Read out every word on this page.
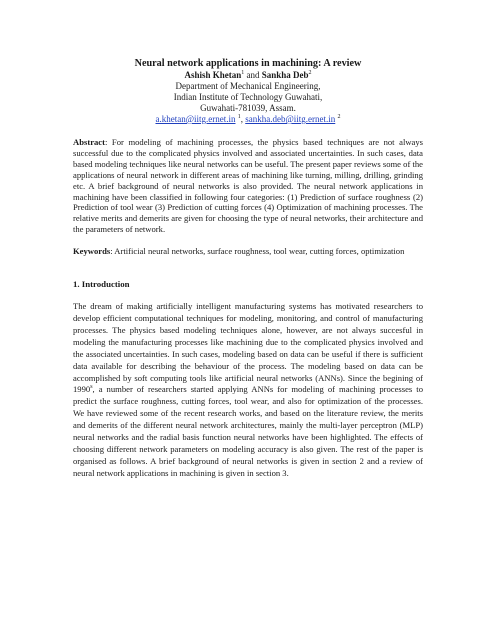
Neural network applications in machining: A review

Ashish Khetan$^1$ and Sankha Deb$^2$

Department of Mechanical Engineering,

Indian Institute of Technology Guwahati,

Guwahati-781039, Assam.

a.khetan@iitg.ernet.in $^1$, sankha.deb@iitg.ernet.in $^2$

Abstract: For modeling of machining processes, the physics based techniques are not always successful due to the complicated physics involved and associated uncertainties. In such cases, data based modeling techniques like neural networks can be useful. The present paper reviews some of the applications of neural network in different areas of machining like turning, milling, drilling, grinding etc. A brief background of neural networks is also provided. The neural network applications in machining have been classified in following four categories: (1) Prediction of surface roughness (2) Prediction of tool wear (3) Prediction of cutting forces (4) Optimization of machining processes. The relative merits and demerits are given for choosing the type of neural networks, their architecture and the parameters of network.
Keywords: Artificial neural networks, surface roughness, tool wear, cutting forces, optimization
1. Introduction
The dream of making artificially intelligent manufacturing systems has motivated researchers to develop efficient computational techniques for modeling, monitoring, and control of manufacturing processes. The physics based modeling techniques alone, however, are not always succesful in modeling the manufacturing processes like machining due to the complicated physics involved and the associated uncertainties. In such cases, modeling based on data can be useful if there is sufficient data available for describing the behaviour of the process. The modeling based on data can be accomplished by soft computing tools like artificial neural networks (ANNs). Since the begining of 1990$^s$, a number of researchers started applying ANNs for modeling of machining processes to predict the surface roughness, cutting forces, tool wear, and also for optimization of the processes. We have reviewed some of the recent research works, and based on the literature review, the merits and demerits of the different neural network architectures, mainly the multi-layer perceptron (MLP) neural networks and the radial basis function neural networks have been highlighted. The effects of choosing different network parameters on modeling accuracy is also given. The rest of the paper is organised as follows. A brief background of neural networks is given in section 2 and a review of neural network applications in machining is given in section 3.
